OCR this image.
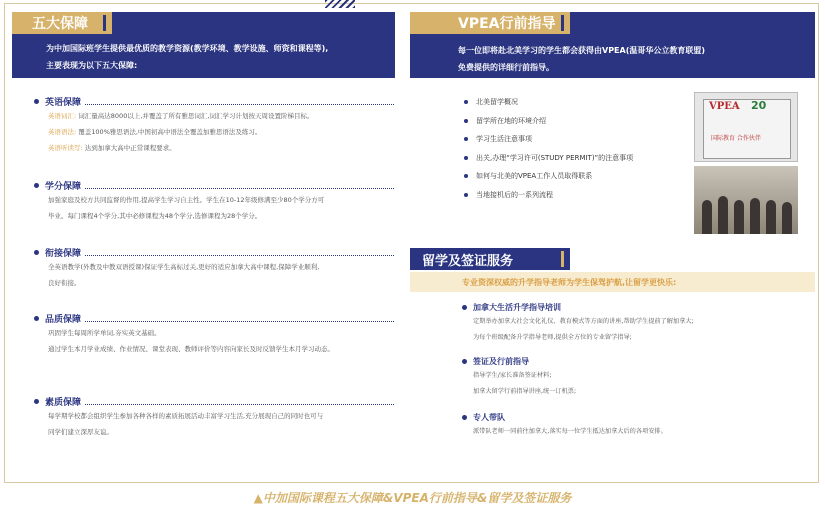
五大保障
为中加国际班学生提供最优质的教学资源(教学环境、教学设施、师资和课程等),
主要表现为以下五大保障:
英语保障
英语词汇: 词汇量高达8000以上,并覆盖了所有雅思词汇,词汇学习计划按天周设置阶梯目标。
英语语法: 覆盖100%雅思语法,中国初高中语法全覆盖加雅思语法及练习。
英语听读写: 达到加拿大高中正常课程要求。
学分保障
加强家庭及校方共同监督的作用,提高学生学习自主性。学生在10-12年级修满至少80个学分方可
毕业。每门课程4个学分,其中必修课程为48个学分,选修课程为28个学分。
衔接保障
全英语教学(外教及中教双语授课)保证学生高标过关,更好的适应加拿大高中课程,保障学业顺利,
良好衔接。
品质保障
巩固学生每周所学单词,夯实英文基础。
通过学生本月学业成绩、作业情况、课堂表现、教师评价等内容向家长及时反馈学生本月学习动态。
素质保障
每学期学校都会组织学生参加各种各样的素质拓展活动丰富学习生活,充分展现自己的同时也可与
同学们建立深厚友谊。
VPEA行前指导
每一位即将赴北美学习的学生都会获得由VPEA(温哥华公立教育联盟)
免费提供的详细行前指导。
北美留学概况
留学所在地的环境介绍
学习生活注意事项
出关,办理“学习许可(STUDY PERMIT)”的注意事项
如何与北美的VPEA工作人员取得联系
当地接机后的一系列流程
VPEA 20
国际教育 合作伙伴
留学及签证服务
专业资深权威的升学指导老师为学生保驾护航,让留学更快乐:
加拿大生活升学指导培训
定期举办加拿大社会文化礼仪、教育模式等方面的讲座,帮助学生提前了解加拿大;
为每个班级配备升学指导老师,提供全方位的专业留学指导;
签证及行前指导
指导学生/家长准备签证材料;
加拿大留学行前指导讲座,统一订机票;
专人带队
派带队老师一同前往加拿大,落实每一位学生抵达加拿大后的各项安排。
▲中加国际课程五大保障&VPEA行前指导&留学及签证服务
